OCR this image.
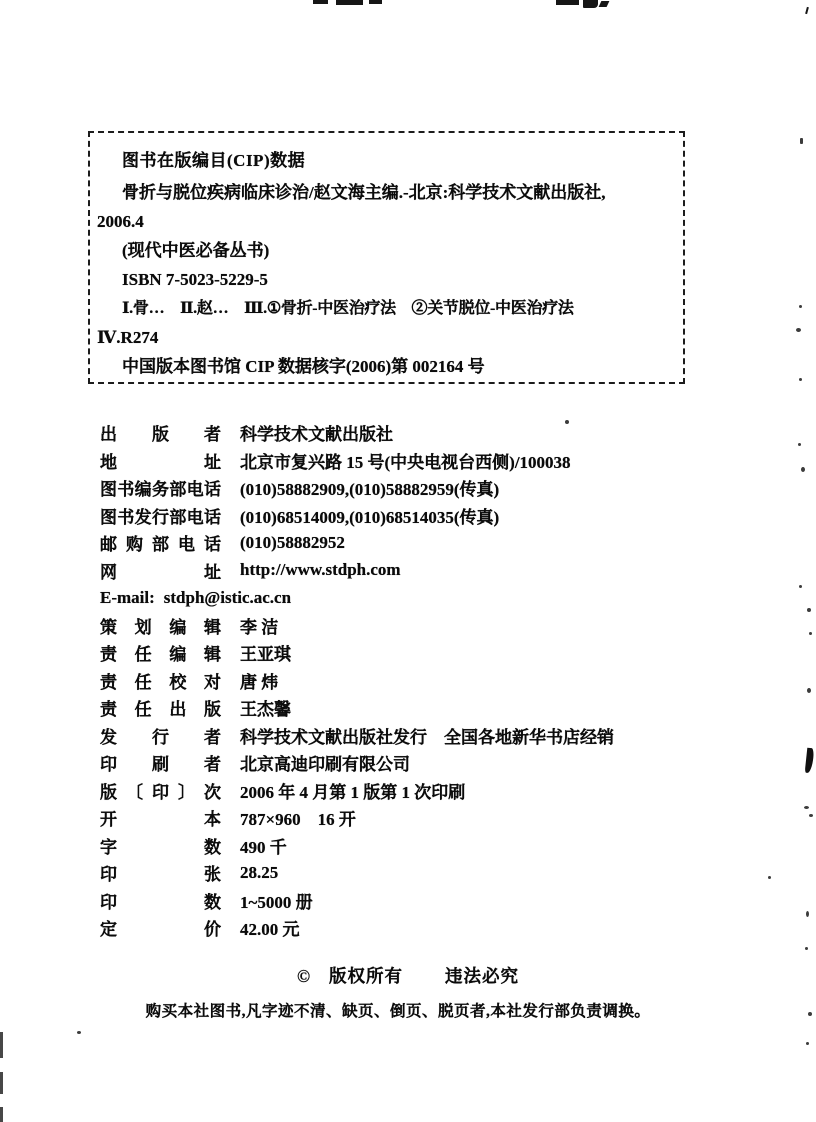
图书在版编目(CIP)数据
骨折与脱位疾病临床诊治/赵文海主编.-北京:科学技术文献出版社,
2006.4
(现代中医必备丛书)
ISBN 7-5023-5229-5
Ⅰ.骨…　Ⅱ.赵…　Ⅲ.①骨折-中医治疗法　②关节脱位-中医治疗法
Ⅳ.R274
中国版本图书馆 CIP 数据核字(2006)第 002164 号
出 版 者 科学技术文献出版社
地 址 北京市复兴路 15 号(中央电视台西侧)/100038
图书编务部电话 (010)58882909,(010)58882959(传真)
图书发行部电话 (010)68514009,(010)68514035(传真)
邮 购 部 电 话 (010)58882952
网 址 http://www.stdph.com
E-mail: stdph@istic.ac.cn
策 划 编 辑 李 洁
责 任 编 辑 王亚琪
责 任 校 对 唐 炜
责 任 出 版 王杰馨
发 行 者 科学技术文献出版社发行　全国各地新华书店经销
印 刷 者 北京高迪印刷有限公司
版 〔 印 〕 次 2006 年 4 月第 1 版第 1 次印刷
开 本 787×960　16 开
字 数 490 千
印 张 28.25
印 数 1~5000 册
定 价 42.00 元
© 版权所有 违法必究
购买本社图书,凡字迹不清、缺页、倒页、脱页者,本社发行部负责调换。
